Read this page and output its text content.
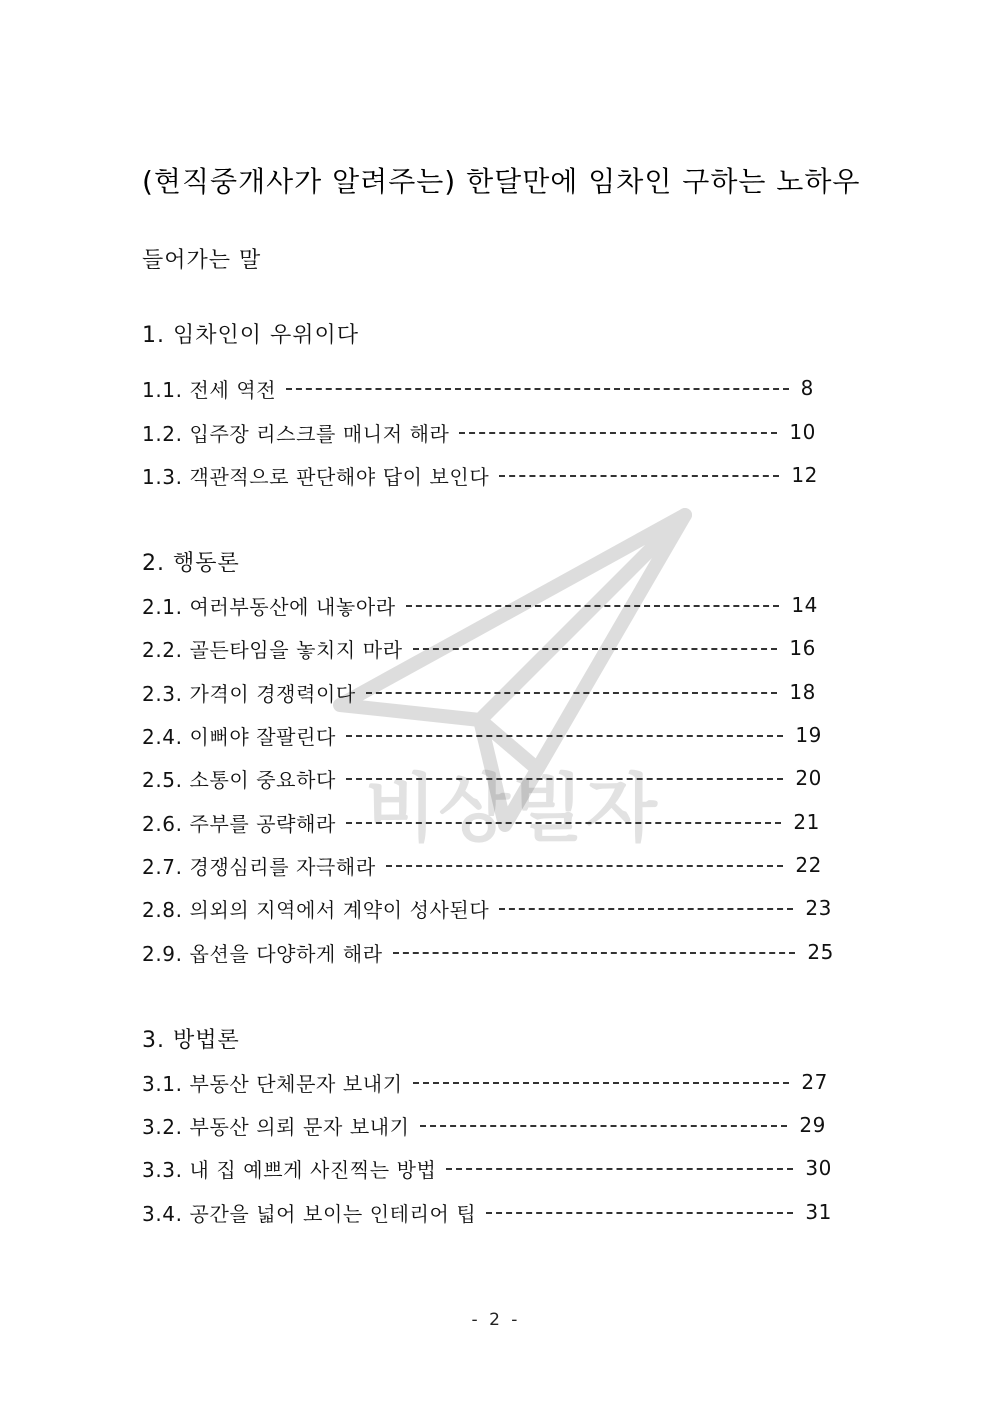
비상빌자
(현직중개사가 알려주는) 한달만에 임차인 구하는 노하우
들어가는 말
1. 임차인이 우위이다
1.1. 전세 역전	8
1.2. 입주장 리스크를 매니저 해라	10
1.3. 객관적으로 판단해야 답이 보인다	12
2. 행동론
2.1. 여러부동산에 내놓아라	14
2.2. 골든타임을 놓치지 마라	16
2.3. 가격이 경쟁력이다	18
2.4. 이뻐야 잘팔린다	19
2.5. 소통이 중요하다	20
2.6. 주부를 공략해라	21
2.7. 경쟁심리를 자극해라	22
2.8. 의외의 지역에서 계약이 성사된다	23
2.9. 옵션을 다양하게 해라	25
3. 방법론
3.1. 부동산 단체문자 보내기	27
3.2. 부동산 의뢰 문자 보내기	29
3.3. 내 집 예쁘게 사진찍는 방법	30
3.4. 공간을 넓어 보이는 인테리어 팁	31
- 2 -
